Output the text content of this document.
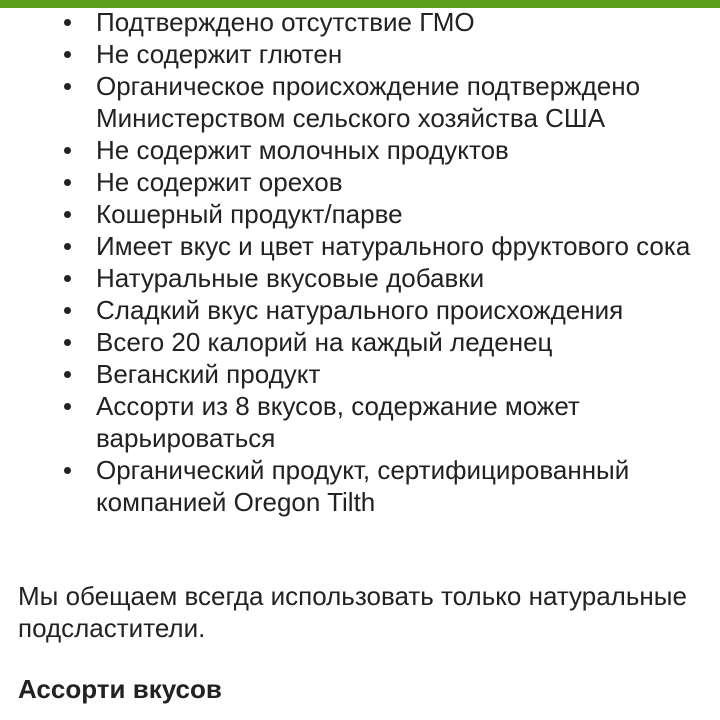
Подтверждено отсутствие ГМО
Не содержит глютен
Органическое происхождение подтверждено Министерством сельского хозяйства США
Не содержит молочных продуктов
Не содержит орехов
Кошерный продукт/парве
Имеет вкус и цвет натурального фруктового сока
Натуральные вкусовые добавки
Сладкий вкус натурального происхождения
Всего 20 калорий на каждый леденец
Веганский продукт
Ассорти из 8 вкусов, содержание может варьироваться
Органический продукт, сертифицированный компанией Oregon Tilth

Мы обещаем всегда использовать только натуральные подсластители.

Ассорти вкусов
